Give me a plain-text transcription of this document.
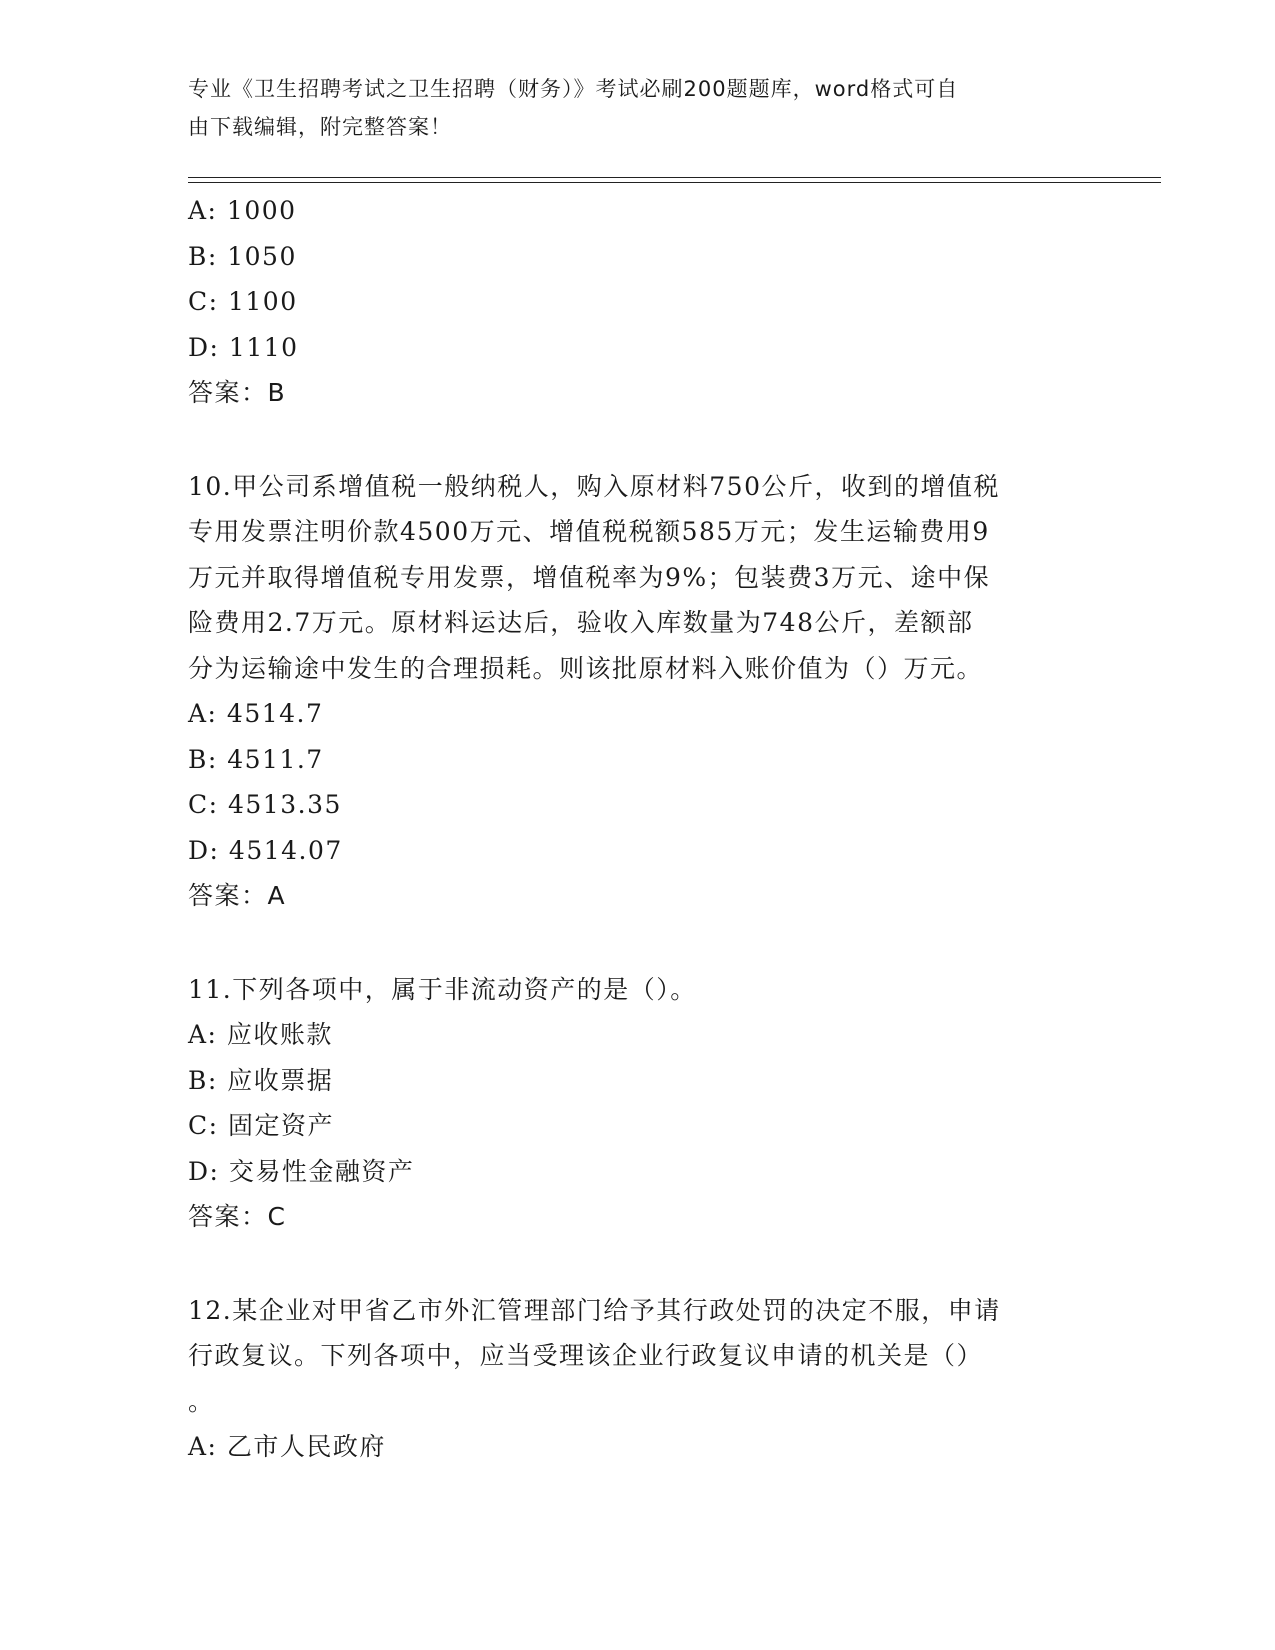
专业《卫生招聘考试之卫生招聘（财务）》考试必刷200题题库，word格式可自

由下载编辑，附完整答案！

A: 1000

B: 1050

C: 1100

D: 1110

答案：B

10.甲公司系增值税一般纳税人，购入原材料750公斤，收到的增值税

专用发票注明价款4500万元、增值税税额585万元；发生运输费用9

万元并取得增值税专用发票，增值税率为9%；包装费3万元、途中保

险费用2.7万元。原材料运达后，验收入库数量为748公斤，差额部

分为运输途中发生的合理损耗。则该批原材料入账价值为（）万元。

A: 4514.7

B: 4511.7

C: 4513.35

D: 4514.07

答案：A

11.下列各项中，属于非流动资产的是（）。

A: 应收账款

B: 应收票据

C: 固定资产

D: 交易性金融资产

答案：C

12.某企业对甲省乙市外汇管理部门给予其行政处罚的决定不服，申请

行政复议。下列各项中，应当受理该企业行政复议申请的机关是（）

。

A: 乙市人民政府
